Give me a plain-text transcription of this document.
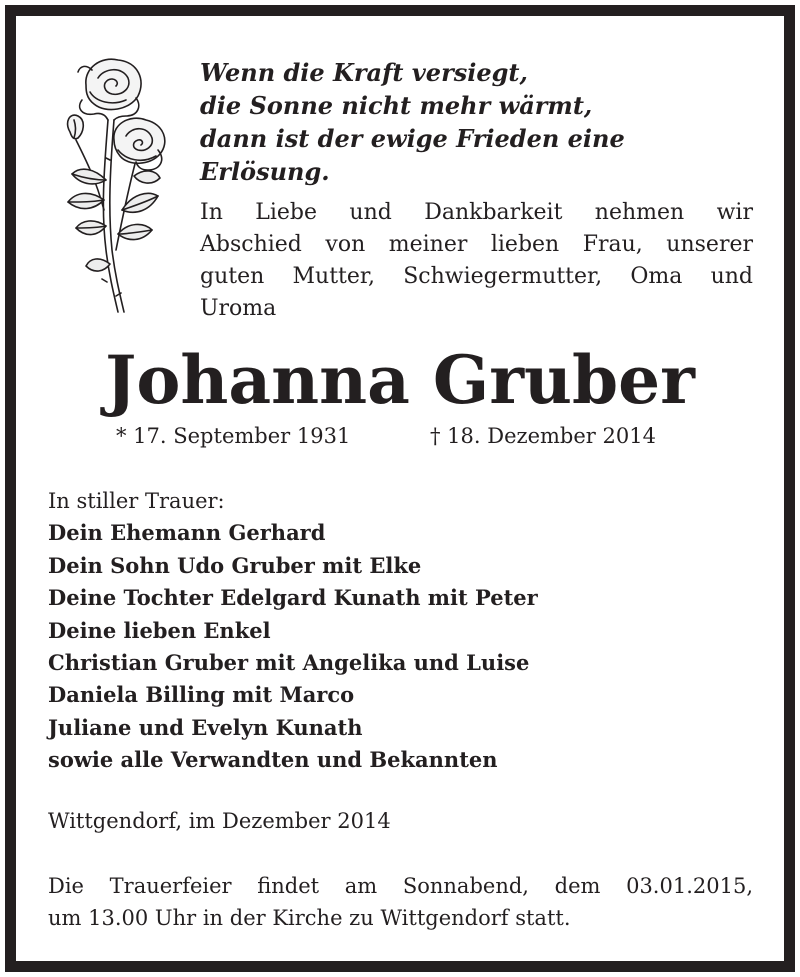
Wenn die Kraft versiegt,
die Sonne nicht mehr wärmt,
dann ist der ewige Frieden eine Erlösung.
In Liebe und Dankbarkeit nehmen wir
Abschied von meiner lieben Frau, unserer
guten Mutter, Schwiegermutter, Oma und
Uroma
Johanna Gruber
* 17. September 1931	† 18. Dezember 2014
In stiller Trauer:
Dein Ehemann Gerhard
Dein Sohn Udo Gruber mit Elke
Deine Tochter Edelgard Kunath mit Peter
Deine lieben Enkel
Christian Gruber mit Angelika und Luise
Daniela Billing mit Marco
Juliane und Evelyn Kunath
sowie alle Verwandten und Bekannten
Wittgendorf, im Dezember 2014
Die Trauerfeier findet am Sonnabend, dem 03.01.2015,
um 13.00 Uhr in der Kirche zu Wittgendorf statt.
